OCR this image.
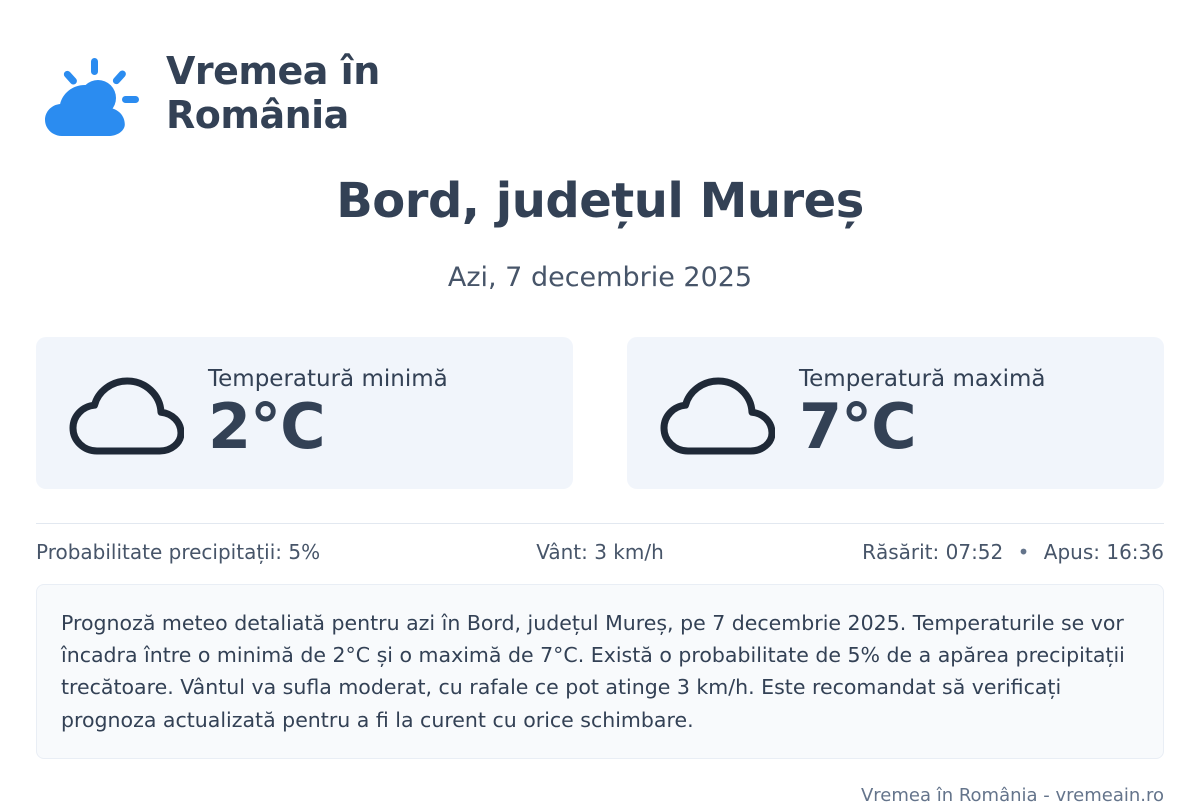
Vremea în
România
Bord, județul Mureș
Azi, 7 decembrie 2025
Temperatură minimă
2°C
Temperatură maximă
7°C
Probabilitate precipitații: 5%	Vânt: 3 km/h	Răsărit: 07:52 • Apus: 16:36
Prognoză meteo detaliată pentru azi în Bord, județul Mureș, pe 7 decembrie 2025. Temperaturile se vor încadra între o minimă de 2°C și o maximă de 7°C. Există o probabilitate de 5% de a apărea precipitații trecătoare. Vântul va sufla moderat, cu rafale ce pot atinge 3 km/h. Este recomandat să verificați prognoza actualizată pentru a fi la curent cu orice schimbare.
Vremea în România - vremeain.ro
